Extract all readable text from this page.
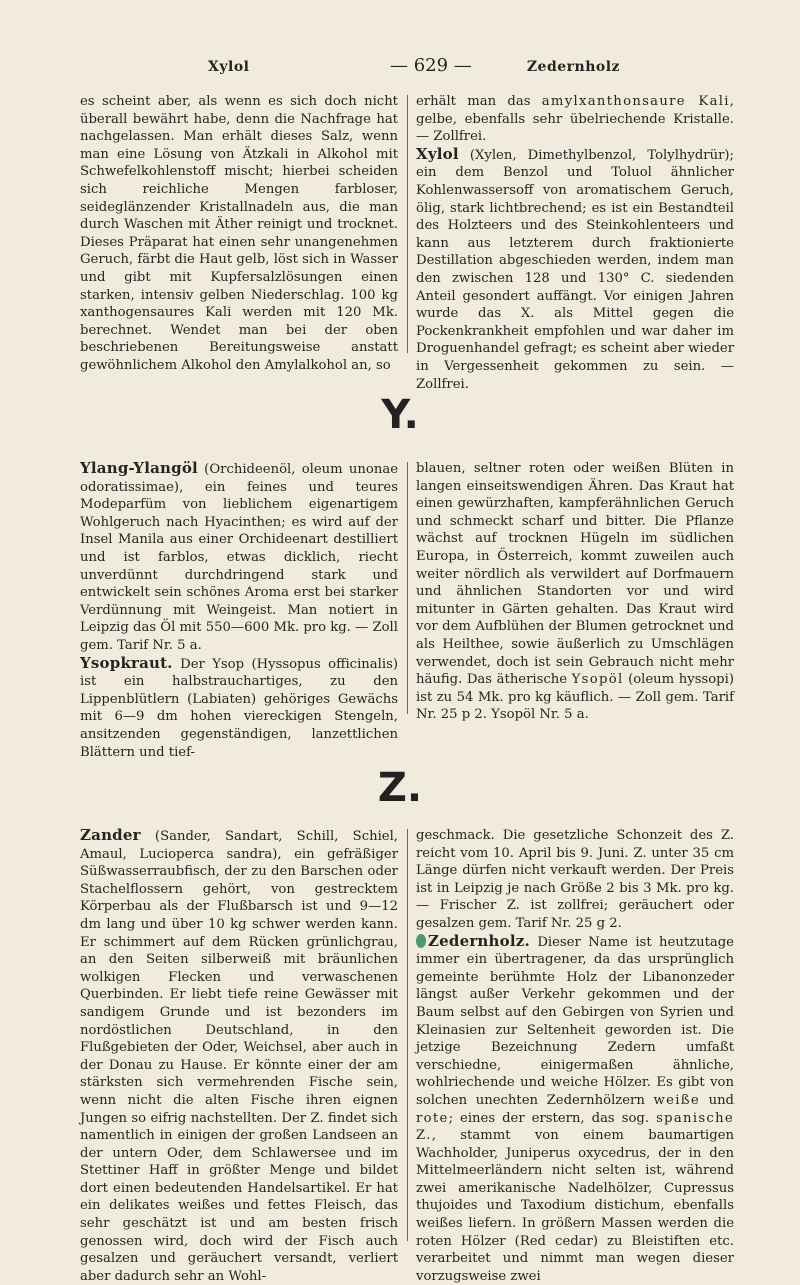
Xylol	— 629 —	Zedernholz

es scheint aber, als wenn es sich doch nicht überall bewährt habe, denn die Nachfrage hat nachgelassen. Man erhält dieses Salz, wenn man eine Lösung von Ätzkali in Alkohol mit Schwefelkohlenstoff mischt; hierbei scheiden sich reichliche Mengen farbloser, seideglänzender Kristallnadeln aus, die man durch Waschen mit Äther reinigt und trocknet. Dieses Präparat hat einen sehr unangenehmen Geruch, färbt die Haut gelb, löst sich in Wasser und gibt mit Kupfersalzlösungen einen starken, intensiv gelben Niederschlag. 100 kg xanthogensaures Kali werden mit 120 Mk. berechnet. Wendet man bei der oben beschriebenen Bereitungsweise anstatt gewöhnlichem Alkohol den Amylalkohol an, so

erhält man das amylxanthonsaure Kali, gelbe, ebenfalls sehr übelriechende Kristalle. — Zollfrei.

Xylol (Xylen, Dimethylbenzol, Tolylhydrür); ein dem Benzol und Toluol ähnlicher Kohlenwassersoff von aromatischem Geruch, ölig, stark lichtbrechend; es ist ein Bestandteil des Holzteers und des Steinkohlenteers und kann aus letzterem durch fraktionierte Destillation abgeschieden werden, indem man den zwischen 128 und 130° C. siedenden Anteil gesondert auffängt. Vor einigen Jahren wurde das X. als Mittel gegen die Pockenkrankheit empfohlen und war daher im Droguenhandel gefragt; es scheint aber wieder in Vergessenheit gekommen zu sein. — Zollfrei.

Y.

Ylang-Ylangöl (Orchideenöl, oleum unonae odoratissimae), ein feines und teures Modeparfüm von lieblichem eigenartigem Wohlgeruch nach Hyacinthen; es wird auf der Insel Manila aus einer Orchideenart destilliert und ist farblos, etwas dicklich, riecht unverdünnt durchdringend stark und entwickelt sein schönes Aroma erst bei starker Verdünnung mit Weingeist. Man notiert in Leipzig das Öl mit 550—600 Mk. pro kg. — Zoll gem. Tarif Nr. 5 a.

Ysopkraut. Der Ysop (Hyssopus officinalis) ist ein halbstrauchartiges, zu den Lippenblütlern (Labiaten) gehöriges Gewächs mit 6—9 dm hohen viereckigen Stengeln, ansitzenden gegenständigen, lanzettlichen Blättern und tief-

blauen, seltner roten oder weißen Blüten in langen einseitswendigen Ähren. Das Kraut hat einen gewürzhaften, kampferähnlichen Geruch und schmeckt scharf und bitter. Die Pflanze wächst auf trocknen Hügeln im südlichen Europa, in Österreich, kommt zuweilen auch weiter nördlich als verwildert auf Dorfmauern und ähnlichen Standorten vor und wird mitunter in Gärten gehalten. Das Kraut wird vor dem Aufblühen der Blumen getrocknet und als Heilthee, sowie äußerlich zu Umschlägen verwendet, doch ist sein Gebrauch nicht mehr häufig. Das ätherische Ysopöl (oleum hyssopi) ist zu 54 Mk. pro kg käuflich. — Zoll gem. Tarif Nr. 25 p 2. Ysopöl Nr. 5 a.

Z.

Zander (Sander, Sandart, Schill, Schiel, Amaul, Lucioperca sandra), ein gefräßiger Süßwasserraubfisch, der zu den Barschen oder Stachelflossern gehört, von gestrecktem Körperbau als der Flußbarsch ist und 9—12 dm lang und über 10 kg schwer werden kann. Er schimmert auf dem Rücken grünlichgrau, an den Seiten silberweiß mit bräunlichen wolkigen Flecken und verwaschenen Querbinden. Er liebt tiefe reine Gewässer mit sandigem Grunde und ist bezonders im nordöstlichen Deutschland, in den Flußgebieten der Oder, Weichsel, aber auch in der Donau zu Hause. Er könnte einer der am stärksten sich vermehrenden Fische sein, wenn nicht die alten Fische ihren eignen Jungen so eifrig nachstellten. Der Z. findet sich namentlich in einigen der großen Landseen an der untern Oder, dem Schlawersee und im Stettiner Haff in größter Menge und bildet dort einen bedeutenden Handelsartikel. Er hat ein delikates weißes und fettes Fleisch, das sehr geschätzt ist und am besten frisch genossen wird, doch wird der Fisch auch gesalzen und geräuchert versandt, verliert aber dadurch sehr an Wohl-

geschmack. Die gesetzliche Schonzeit des Z. reicht vom 10. April bis 9. Juni. Z. unter 35 cm Länge dürfen nicht verkauft werden. Der Preis ist in Leipzig je nach Größe 2 bis 3 Mk. pro kg. — Frischer Z. ist zollfrei; geräuchert oder gesalzen gem. Tarif Nr. 25 g 2.

Zedernholz. Dieser Name ist heutzutage immer ein übertragener, da das ursprünglich gemeinte berühmte Holz der Libanonzeder längst außer Verkehr gekommen und der Baum selbst auf den Gebirgen von Syrien und Kleinasien zur Seltenheit geworden ist. Die jetzige Bezeichnung Zedern umfaßt verschiedne, einigermaßen ähnliche, wohlriechende und weiche Hölzer. Es gibt von solchen unechten Zedernhölzern weiße und rote; eines der erstern, das sog. spanische Z., stammt von einem baumartigen Wachholder, Juniperus oxycedrus, der in den Mittelmeerländern nicht selten ist, während zwei amerikanische Nadelhölzer, Cupressus thujoides und Taxodium distichum, ebenfalls weißes liefern. In größern Massen werden die roten Hölzer (Red cedar) zu Bleistiften etc. verarbeitet und nimmt man wegen dieser vorzugsweise zwei
